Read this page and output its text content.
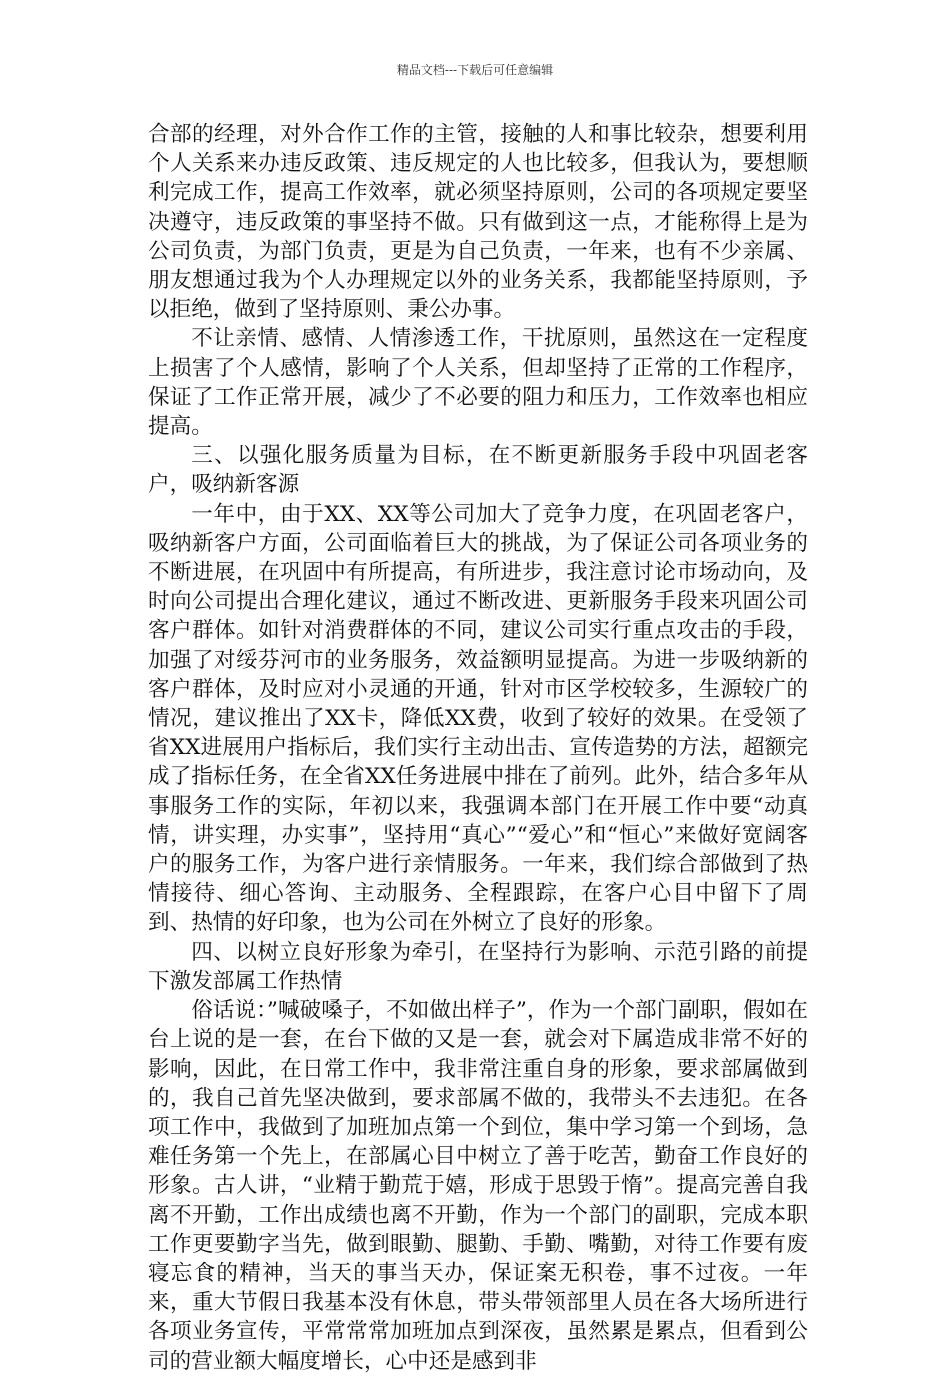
精品文档---下载后可任意编辑

合部的经理，对外合作工作的主管，接触的人和事比较杂，想要利用个人关系来办违反政策、违反规定的人也比较多，但我认为，要想顺利完成工作，提高工作效率，就必须坚持原则，公司的各项规定要坚决遵守，违反政策的事坚持不做。只有做到这一点，才能称得上是为公司负责，为部门负责，更是为自己负责，一年来，也有不少亲属、朋友想通过我为个人办理规定以外的业务关系，我都能坚持原则，予以拒绝，做到了坚持原则、秉公办事。

不让亲情、感情、人情渗透工作，干扰原则，虽然这在一定程度上损害了个人感情，影响了个人关系，但却坚持了正常的工作程序，保证了工作正常开展，减少了不必要的阻力和压力，工作效率也相应提高。

三、以强化服务质量为目标，在不断更新服务手段中巩固老客户，吸纳新客源

一年中，由于XX、XX等公司加大了竞争力度，在巩固老客户，吸纳新客户方面，公司面临着巨大的挑战，为了保证公司各项业务的不断进展，在巩固中有所提高，有所进步，我注意讨论市场动向，及时向公司提出合理化建议，通过不断改进、更新服务手段来巩固公司客户群体。如针对消费群体的不同，建议公司实行重点攻击的手段，加强了对绥芬河市的业务服务，效益额明显提高。为进一步吸纳新的客户群体，及时应对小灵通的开通，针对市区学校较多，生源较广的情况，建议推出了XX卡，降低XX费，收到了较好的效果。在受领了省XX进展用户指标后，我们实行主动出击、宣传造势的方法，超额完成了指标任务，在全省XX任务进展中排在了前列。此外，结合多年从事服务工作的实际，年初以来，我强调本部门在开展工作中要“动真情，讲实理，办实事”，坚持用“真心”“爱心”和“恒心”来做好宽阔客户的服务工作，为客户进行亲情服务。一年来，我们综合部做到了热情接待、细心答询、主动服务、全程跟踪，在客户心目中留下了周到、热情的好印象，也为公司在外树立了良好的形象。

四、以树立良好形象为牵引，在坚持行为影响、示范引路的前提下激发部属工作热情

俗话说：”喊破嗓子，不如做出样子”，作为一个部门副职，假如在台上说的是一套，在台下做的又是一套，就会对下属造成非常不好的影响，因此，在日常工作中，我非常注重自身的形象，要求部属做到的，我自己首先坚决做到，要求部属不做的，我带头不去违犯。在各项工作中，我做到了加班加点第一个到位，集中学习第一个到场，急难任务第一个先上，在部属心目中树立了善于吃苦，勤奋工作良好的形象。古人讲，“业精于勤荒于嬉，形成于思毁于惰”。提高完善自我离不开勤，工作出成绩也离不开勤，作为一个部门的副职，完成本职工作更要勤字当先，做到眼勤、腿勤、手勤、嘴勤，对待工作要有废寝忘食的精神，当天的事当天办，保证案无积卷，事不过夜。一年来，重大节假日我基本没有休息，带头带领部里人员在各大场所进行各项业务宣传，平常常常加班加点到深夜，虽然累是累点，但看到公司的营业额大幅度增长，心中还是感到非
